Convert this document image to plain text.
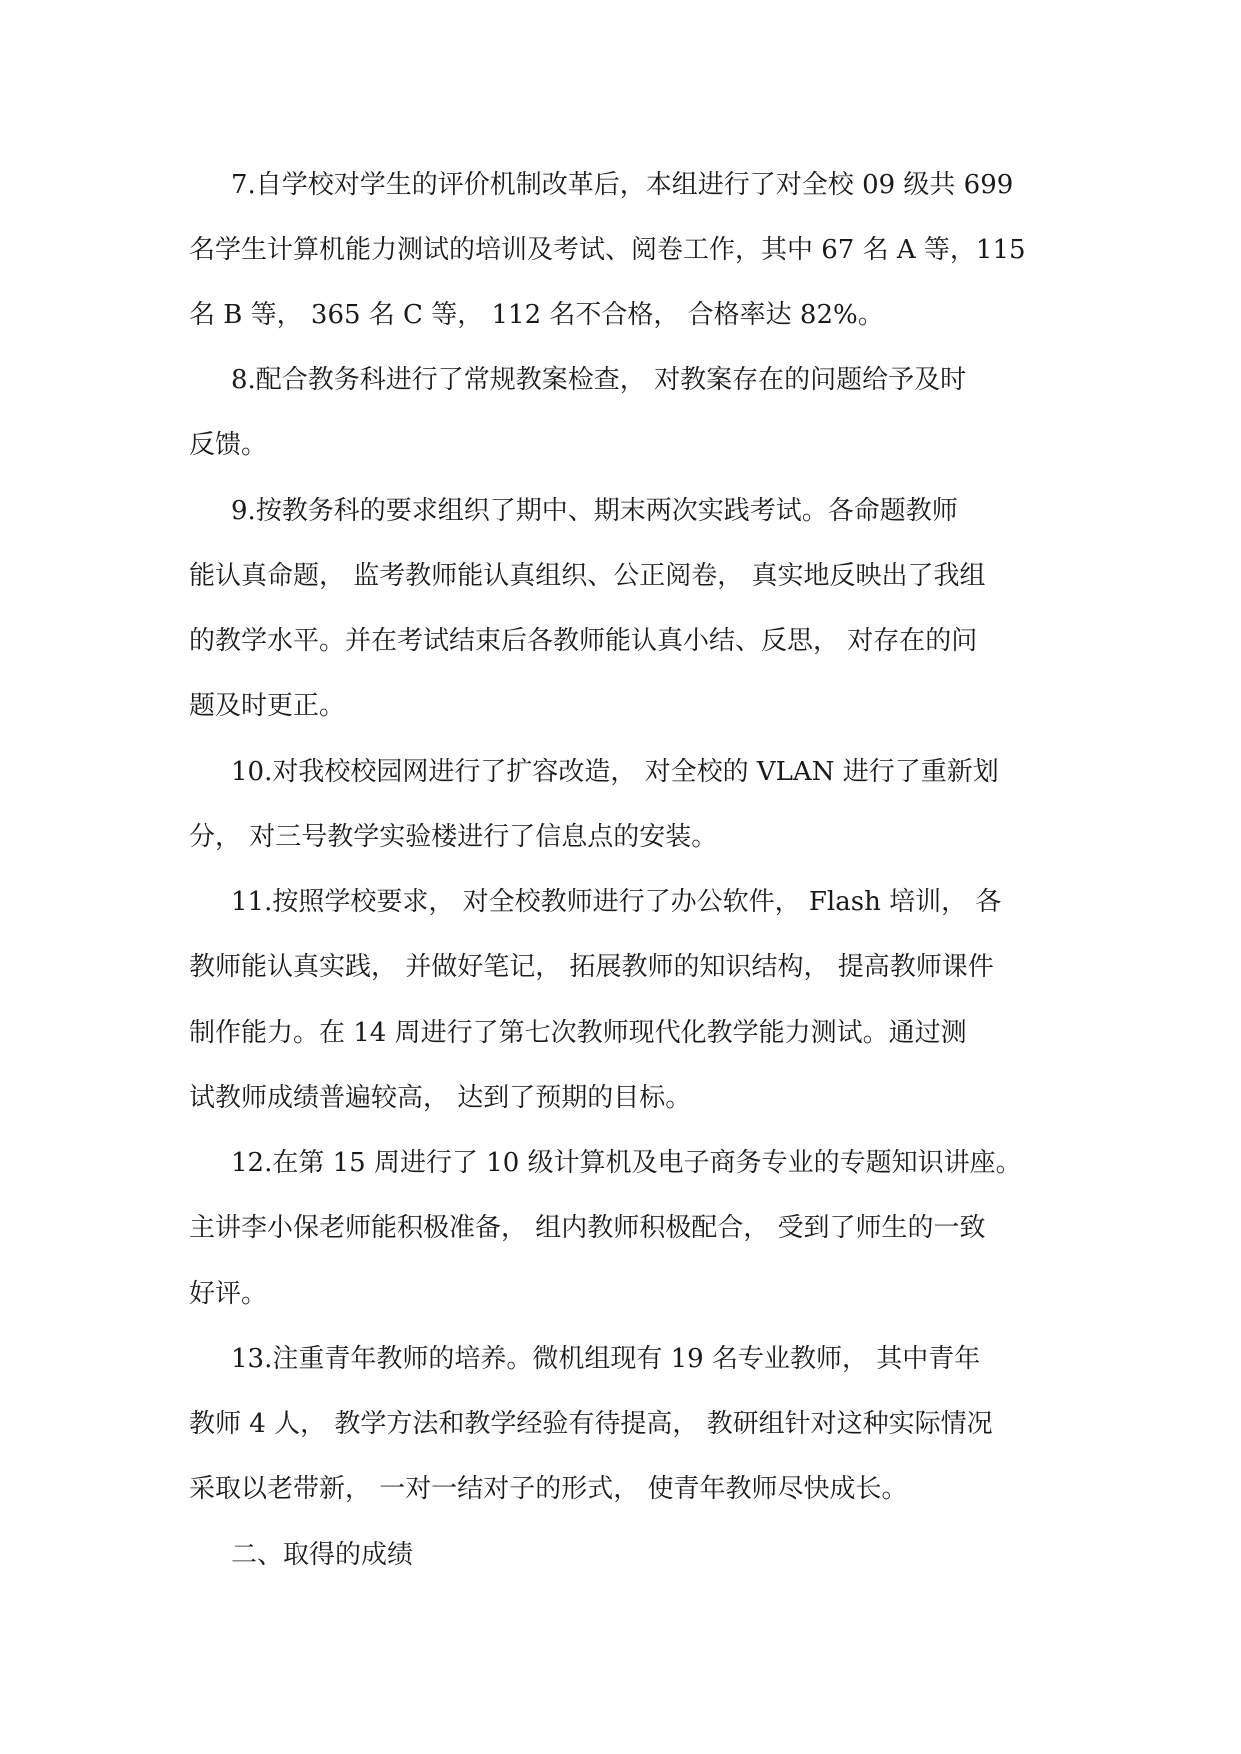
7.自学校对学生的评价机制改革后，本组进行了对全校 09 级共 699

名学生计算机能力测试的培训及考试、阅卷工作，其中 67 名 A 等，115

名 B 等， 365 名 C 等， 112 名不合格， 合格率达 82%。

8.配合教务科进行了常规教案检查， 对教案存在的问题给予及时

反馈。

9.按教务科的要求组织了期中、期末两次实践考试。各命题教师

能认真命题， 监考教师能认真组织、公正阅卷， 真实地反映出了我组

的教学水平。并在考试结束后各教师能认真小结、反思， 对存在的问

题及时更正。

10.对我校校园网进行了扩容改造， 对全校的 VLAN 进行了重新划

分， 对三号教学实验楼进行了信息点的安装。

11.按照学校要求， 对全校教师进行了办公软件， Flash 培训， 各

教师能认真实践， 并做好笔记， 拓展教师的知识结构， 提高教师课件

制作能力。在 14 周进行了第七次教师现代化教学能力测试。通过测

试教师成绩普遍较高， 达到了预期的目标。

12.在第 15 周进行了 10 级计算机及电子商务专业的专题知识讲座。

主讲李小保老师能积极准备， 组内教师积极配合， 受到了师生的一致

好评。

13.注重青年教师的培养。微机组现有 19 名专业教师， 其中青年

教师 4 人， 教学方法和教学经验有待提高， 教研组针对这种实际情况

采取以老带新， 一对一结对子的形式， 使青年教师尽快成长。

二、取得的成绩
